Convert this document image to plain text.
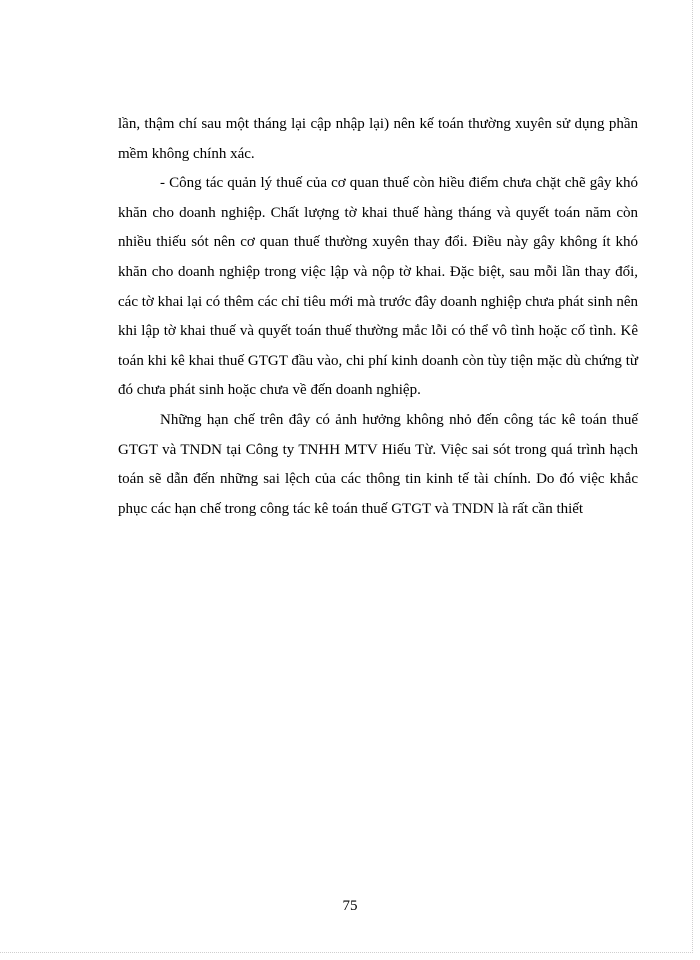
lần, thậm chí sau một tháng lại cập nhập lại) nên kế toán thường xuyên sử dụng phần mềm không chính xác.

- Công tác quản lý thuế của cơ quan thuế còn hiều điểm chưa chặt chẽ gây khó khăn cho doanh nghiệp. Chất lượng tờ khai thuế hàng tháng và quyết toán năm còn nhiều thiếu sót nên cơ quan thuế thường xuyên thay đổi. Điều này gây không ít khó khăn cho doanh nghiệp trong việc lập và nộp tờ khai. Đặc biệt, sau mỗi lần thay đổi, các tờ khai lại có thêm các chỉ tiêu mới mà trước đây doanh nghiệp chưa phát sinh nên khi lập tờ khai thuế và quyết toán thuế thường mắc lỗi có thể vô tình hoặc cố tình. Kê toán khi kê khai thuế GTGT đầu vào, chi phí kinh doanh còn tùy tiện mặc dù chứng từ đó chưa phát sinh hoặc chưa về đến doanh nghiệp.

Những hạn chế trên đây có ảnh hưởng không nhỏ đến công tác kê toán thuế GTGT và TNDN tại Công ty TNHH MTV Hiếu Từ. Việc sai sót trong quá trình hạch toán sẽ dẫn đến những sai lệch của các thông tin kinh tế tài chính. Do đó việc khắc phục các hạn chế trong công tác kê toán thuế GTGT và TNDN là rất cần thiết

75
